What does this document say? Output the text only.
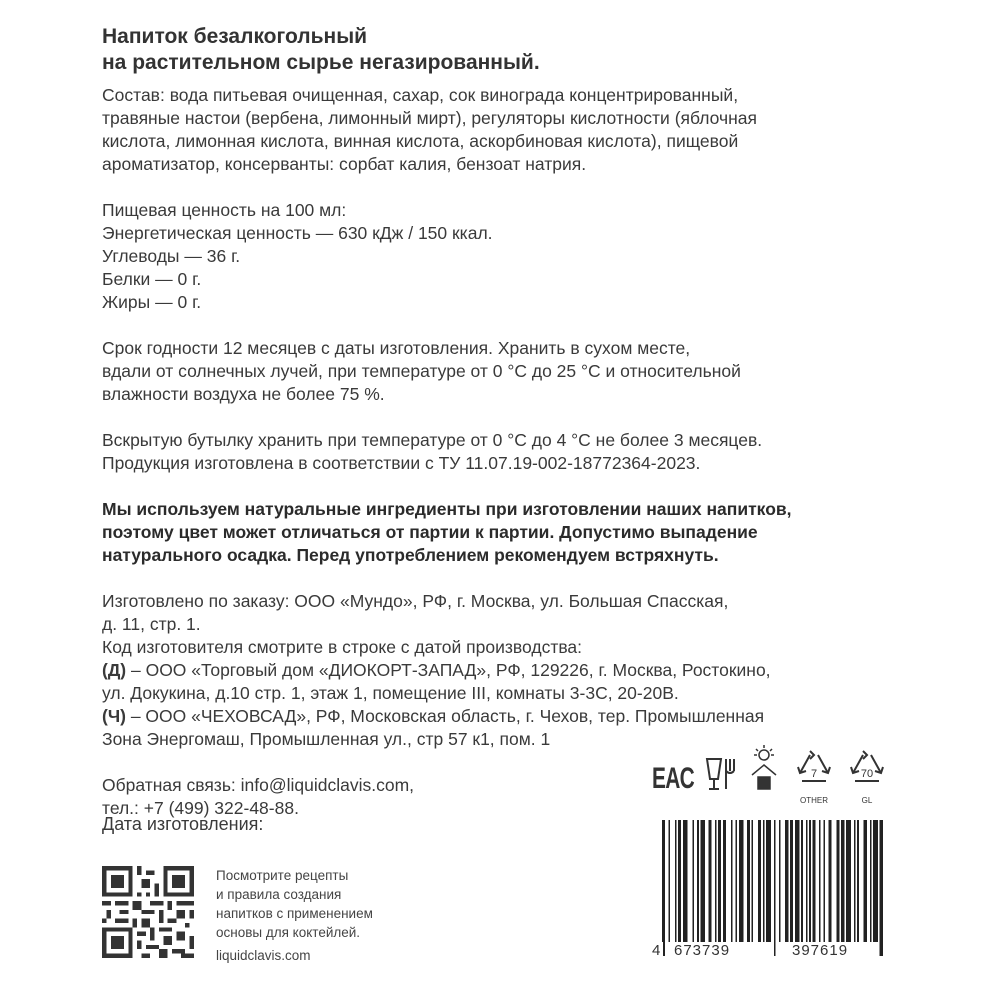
Напиток безалкогольный
на растительном сырье негазированный.
Состав: вода питьевая очищенная, сахар, сок винограда концентрированный,
травяные настои (вербена, лимонный мирт), регуляторы кислотности (яблочная
кислота, лимонная кислота, винная кислота, аскорбиновая кислота), пищевой
ароматизатор, консерванты: сорбат калия, бензоат натрия.
Пищевая ценность на 100 мл:
Энергетическая ценность — 630 кДж / 150 ккал.
Углеводы — 36 г.
Белки — 0 г.
Жиры — 0 г.
Срок годности 12 месяцев с даты изготовления. Хранить в сухом месте,
вдали от солнечных лучей, при температуре от 0 °С до 25 °С и относительной
влажности воздуха не более 75 %.
Вскрытую бутылку хранить при температуре от 0 °С до 4 °С не более 3 месяцев.
Продукция изготовлена в соответствии с ТУ 11.07.19-002-18772364-2023.
Мы используем натуральные ингредиенты при изготовлении наших напитков,
поэтому цвет может отличаться от партии к партии. Допустимо выпадение
натурального осадка. Перед употреблением рекомендуем встряхнуть.
Изготовлено по заказу: ООО «Мундо», РФ, г. Москва, ул. Большая Спасская,
д. 11, стр. 1.
Код изготовителя смотрите в строке с датой производства:
(Д) – ООО «Торговый дом «ДИОКОРТ-ЗАПАД», РФ, 129226, г. Москва, Ростокино,
ул. Докукина, д.10 стр. 1, этаж 1, помещение III, комнаты 3-3С, 20-20В.
(Ч) – ООО «ЧЕХОВСАД», РФ, Московская область, г. Чехов, тер. Промышленная
Зона Энергомаш, Промышленная ул., стр 57 к1, пом. 1
Обратная связь: info@liquidclavis.com,
тел.: +7 (499) 322-48-88.
Дата изготовления:
Посмотрите рецепты
и правила создания
напитков с применением
основы для коктейлей.
liquidclavis.com
EAC	7
OTHER
70
GL
4 673739	397619
